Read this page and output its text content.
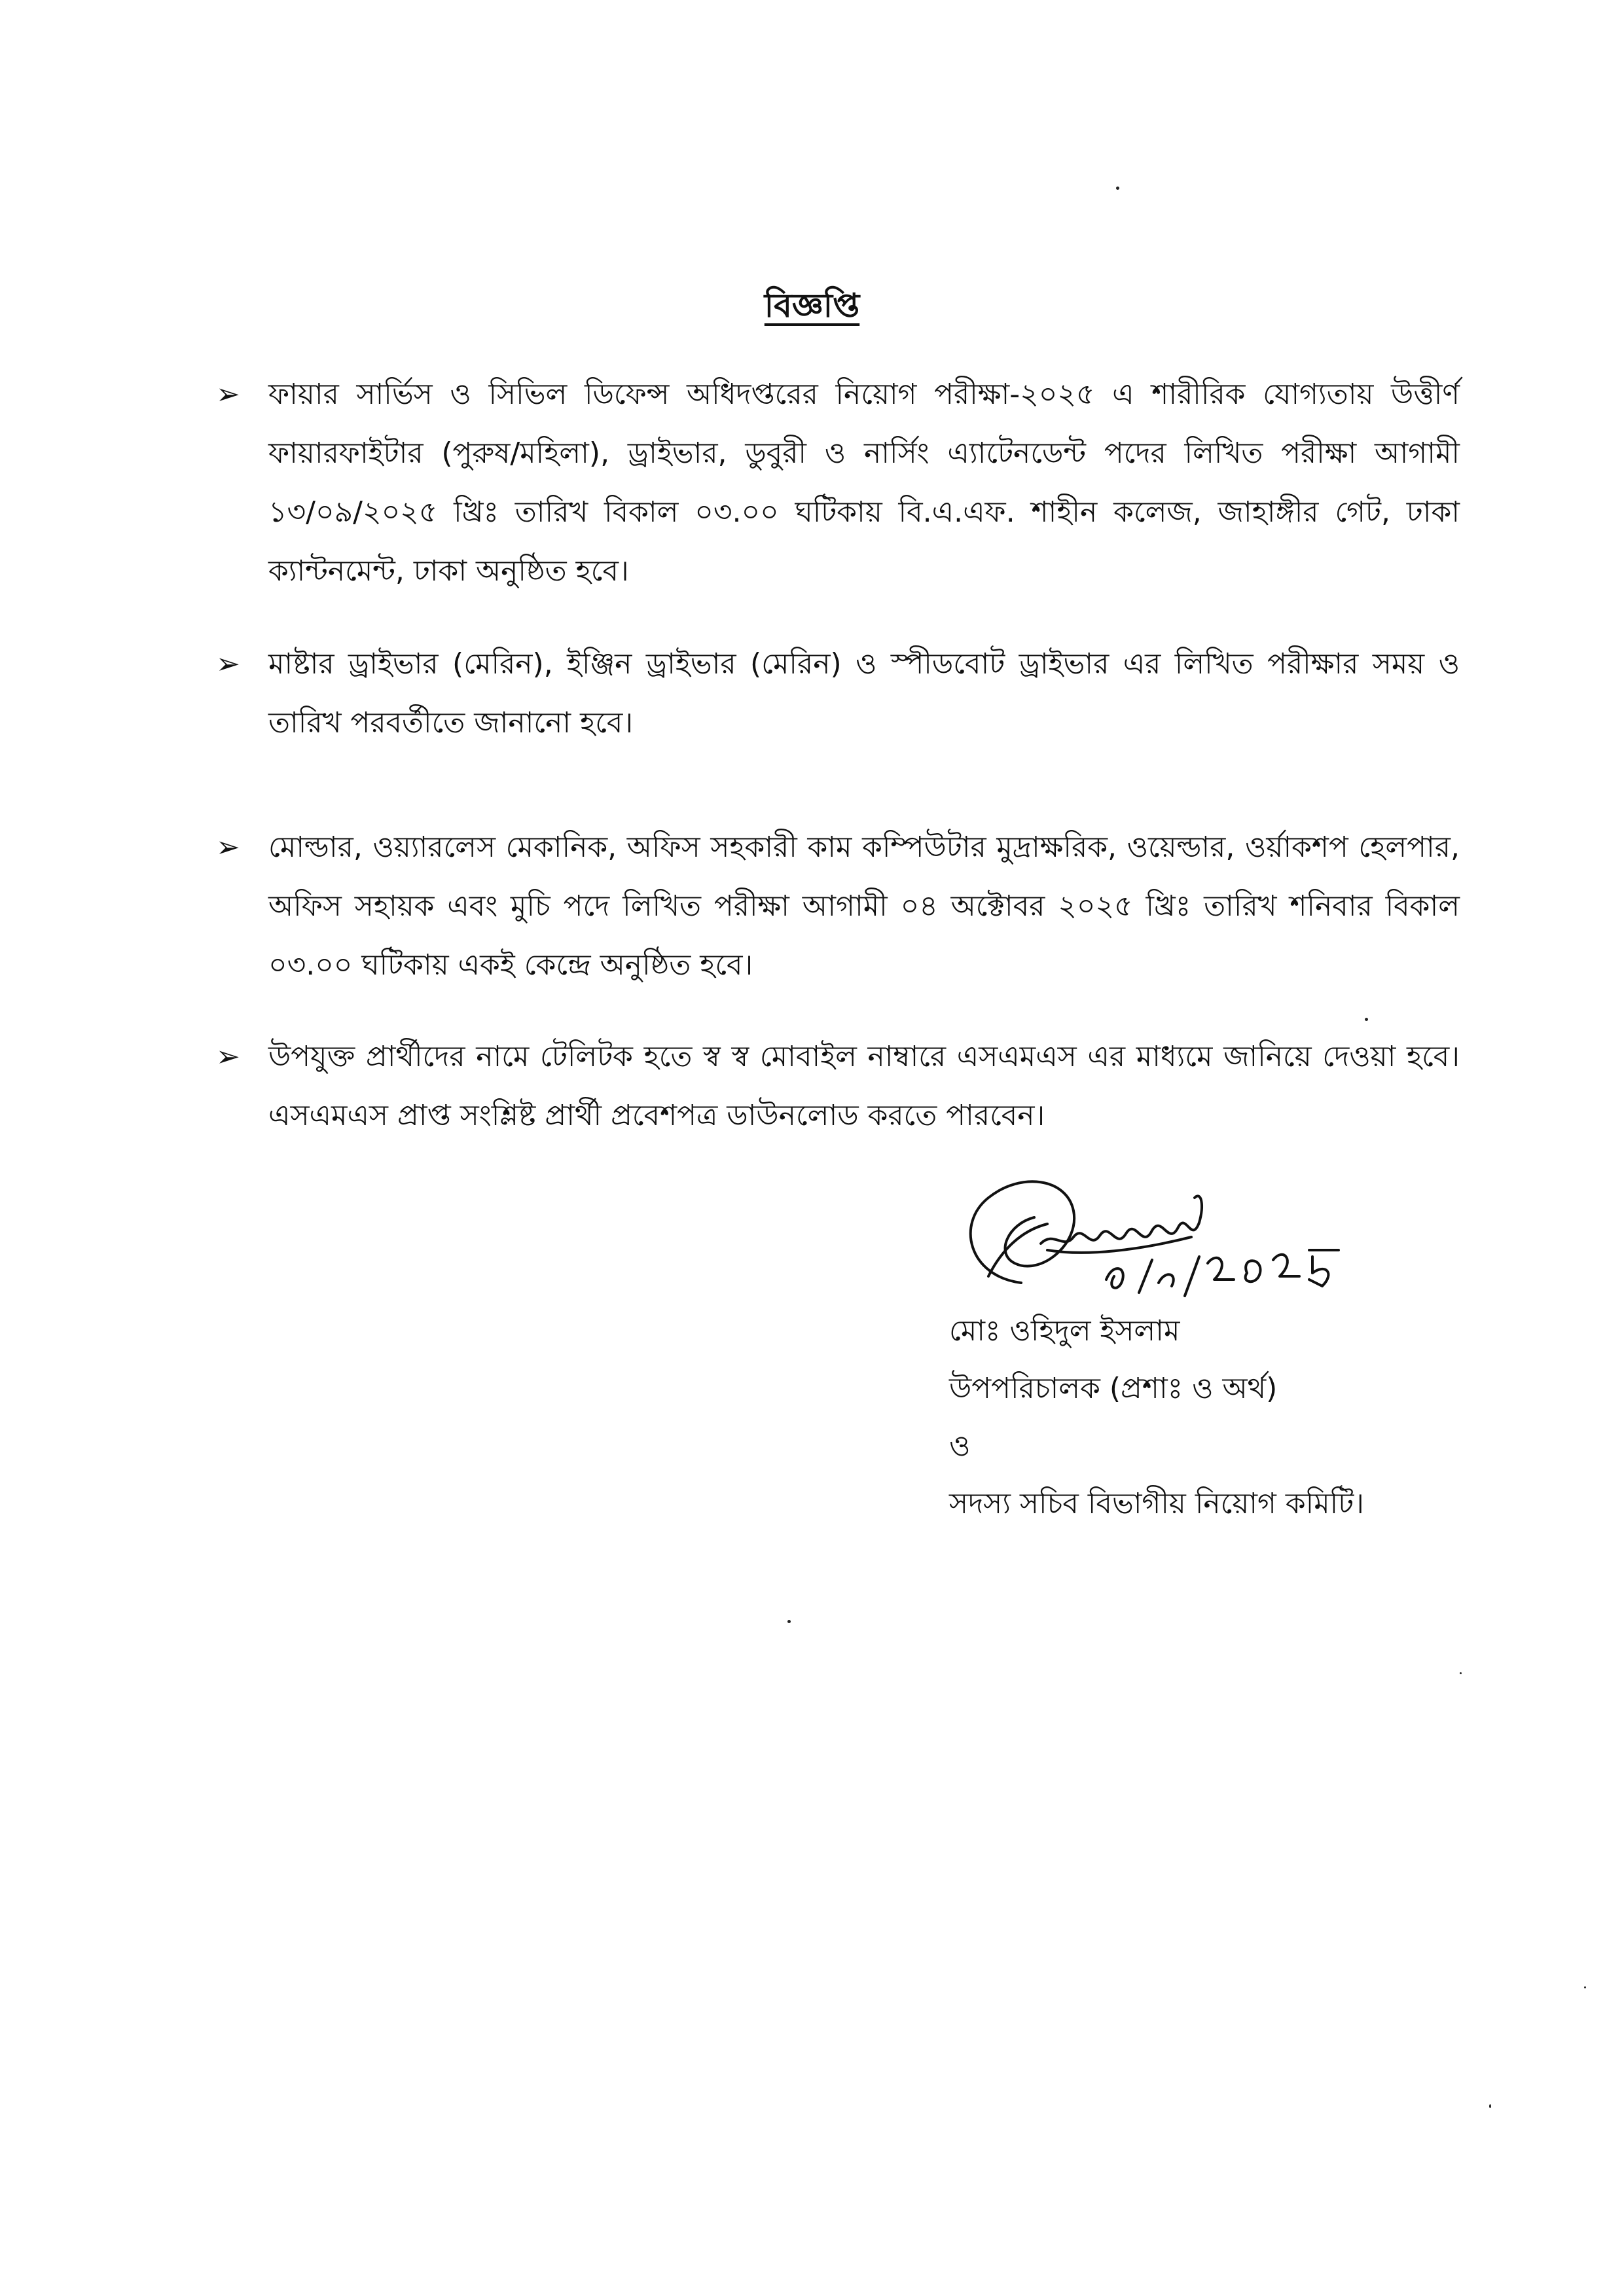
বিজ্ঞপ্তি
➢ ফায়ার সার্ভিস ও সিভিল ডিফেন্স অধিদপ্তরের নিয়োগ পরীক্ষা-২০২৫ এ শারীরিক যোগ্যতায় উত্তীর্ণ ফায়ারফাইটার (পুরুষ/মহিলা), ড্রাইভার, ডুবুরী ও নার্সিং এ্যাটেনডেন্ট পদের লিখিত পরীক্ষা আগামী ১৩/০৯/২০২৫ খ্রিঃ তারিখ বিকাল ০৩.০০ ঘটিকায় বি.এ.এফ. শাহীন কলেজ, জাহাঙ্গীর গেট, ঢাকা ক্যান্টনমেন্ট, ঢাকা অনুষ্ঠিত হবে।
➢ মাষ্টার ড্রাইভার (মেরিন), ইঞ্জিন ড্রাইভার (মেরিন) ও স্পীডবোট ড্রাইভার এর লিখিত পরীক্ষার সময় ও তারিখ পরবর্তীতে জানানো হবে।
➢ মোল্ডার, ওয়্যারলেস মেকানিক, অফিস সহকারী কাম কম্পিউটার মুদ্রাক্ষরিক, ওয়েল্ডার, ওর্য়াকশপ হেলপার, অফিস সহায়ক এবং মুচি পদে লিখিত পরীক্ষা আগামী ০৪ অক্টোবর ২০২৫ খ্রিঃ তারিখ শনিবার বিকাল ০৩.০০ ঘটিকায় একই কেন্দ্রে অনুষ্ঠিত হবে।
➢ উপযুক্ত প্রার্থীদের নামে টেলিটক হতে স্ব স্ব মোবাইল নাম্বারে এসএমএস এর মাধ্যমে জানিয়ে দেওয়া হবে। এসএমএস প্রাপ্ত সংশ্লিষ্ট প্রার্থী প্রবেশপত্র ডাউনলোড করতে পারবেন।
মোঃ ওহিদুল ইসলাম
উপপরিচালক (প্রশাঃ ও অর্থ)
ও
সদস্য সচিব বিভাগীয় নিয়োগ কমিটি।
